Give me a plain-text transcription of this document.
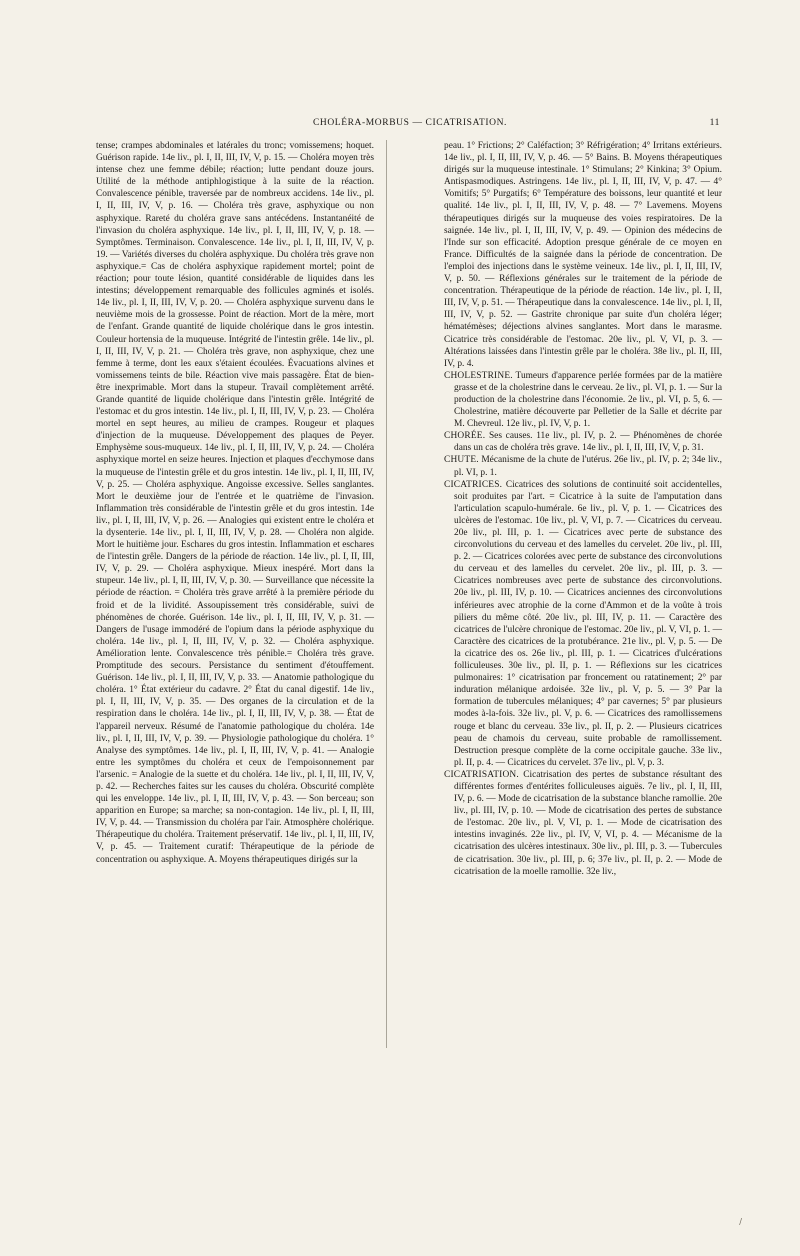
CHOLÉRA-MORBUS — CICATRISATION.	11

tense; crampes abdominales et latérales du tronc; vomissemens; hoquet. Guérison rapide. 14e liv., pl. I, II, III, IV, V, p. 15. — Choléra moyen très intense chez une femme débile; réaction; lutte pendant douze jours. Utilité de la méthode antiphlogistique à la suite de la réaction. Convalescence pénible, traversée par de nombreux accidens. 14e liv., pl. I, II, III, IV, V, p. 16. — Choléra très grave, asphyxique ou non asphyxique. Rareté du choléra grave sans antécédens. Instantanéité de l'invasion du choléra asphyxique. 14e liv., pl. I, II, III, IV, V, p. 18. — Symptômes. Terminaison. Convalescence. 14e liv., pl. I, II, III, IV, V, p. 19. — Variétés diverses du choléra asphyxique. Du choléra très grave non asphyxique.= Cas de choléra asphyxique rapidement mortel; point de réaction; pour toute lésion, quantité considérable de liquides dans les intestins; développement remarquable des follicules agminés et isolés. 14e liv., pl. I, II, III, IV, V, p. 20. — Choléra asphyxique survenu dans le neuvième mois de la grossesse. Point de réaction. Mort de la mère, mort de l'enfant. Grande quantité de liquide cholérique dans le gros intestin. Couleur hortensia de la muqueuse. Intégrité de l'intestin grêle. 14e liv., pl. I, II, III, IV, V, p. 21. — Choléra très grave, non asphyxique, chez une femme à terme, dont les eaux s'étaient écoulées. Évacuations alvines et vomissemens teints de bile. Réaction vive mais passagère. État de bien-être inexprimable. Mort dans la stupeur. Travail complètement arrêté. Grande quantité de liquide cholérique dans l'intestin grêle. Intégrité de l'estomac et du gros intestin. 14e liv., pl. I, II, III, IV, V, p. 23. — Choléra mortel en sept heures, au milieu de crampes. Rougeur et plaques d'injection de la muqueuse. Développement des plaques de Peyer. Emphysème sous-muqueux. 14e liv., pl. I, II, III, IV, V, p. 24. — Choléra asphyxique mortel en seize heures. Injection et plaques d'ecchymose dans la muqueuse de l'intestin grêle et du gros intestin. 14e liv., pl. I, II, III, IV, V, p. 25. — Choléra asphyxique. Angoisse excessive. Selles sanglantes. Mort le deuxième jour de l'entrée et le quatrième de l'invasion. Inflammation très considérable de l'intestin grêle et du gros intestin. 14e liv., pl. I, II, III, IV, V, p. 26. — Analogies qui existent entre le choléra et la dysenterie. 14e liv., pl. I, II, III, IV, V, p. 28. — Choléra non algide. Mort le huitième jour. Eschares du gros intestin. Inflammation et eschares de l'intestin grêle. Dangers de la période de réaction. 14e liv., pl. I, II, III, IV, V, p. 29. — Choléra asphyxique. Mieux inespéré. Mort dans la stupeur. 14e liv., pl. I, II, III, IV, V, p. 30. — Surveillance que nécessite la période de réaction. = Choléra très grave arrêté à la première période du froid et de la lividité. Assoupissement très considérable, suivi de phénomènes de chorée. Guérison. 14e liv., pl. I, II, III, IV, V, p. 31. — Dangers de l'usage immodéré de l'opium dans la période asphyxique du choléra. 14e liv., pl. I, II, III, IV, V, p. 32. — Choléra asphyxique. Amélioration lente. Convalescence très pénible.= Choléra très grave. Promptitude des secours. Persistance du sentiment d'étouffement. Guérison. 14e liv., pl. I, II, III, IV, V, p. 33. — Anatomie pathologique du choléra. 1° État extérieur du cadavre. 2° État du canal digestif. 14e liv., pl. I, II, III, IV, V, p. 35. — Des organes de la circulation et de la respiration dans le choléra. 14e liv., pl. I, II, III, IV, V, p. 38. — État de l'appareil nerveux. Résumé de l'anatomie pathologique du choléra. 14e liv., pl. I, II, III, IV, V, p. 39. — Physiologie pathologique du choléra. 1° Analyse des symptômes. 14e liv., pl. I, II, III, IV, V, p. 41. — Analogie entre les symptômes du choléra et ceux de l'empoisonnement par l'arsenic. = Analogie de la suette et du choléra. 14e liv., pl. I, II, III, IV, V, p. 42. — Recherches faites sur les causes du choléra. Obscurité complète qui les enveloppe. 14e liv., pl. I, II, III, IV, V, p. 43. — Son berceau; son apparition en Europe; sa marche; sa non-contagion. 14e liv., pl. I, II, III, IV, V, p. 44. — Transmission du choléra par l'air. Atmosphère cholérique. Thérapeutique du choléra. Traitement préservatif. 14e liv., pl. I, II, III, IV, V, p. 45. — Traitement curatif: Thérapeutique de la période de concentration ou asphyxique. A. Moyens thérapeutiques dirigés sur la

peau. 1° Frictions; 2° Caléfaction; 3° Réfrigération; 4° Irritans extérieurs. 14e liv., pl. I, II, III, IV, V, p. 46. — 5° Bains. B. Moyens thérapeutiques dirigés sur la muqueuse intestinale. 1° Stimulans; 2° Kinkina; 3° Opium. Antispasmodiques. Astringens. 14e liv., pl. I, II, III, IV, V, p. 47. — 4° Vomitifs; 5° Purgatifs; 6° Température des boissons, leur quantité et leur qualité. 14e liv., pl. I, II, III, IV, V, p. 48. — 7° Lavemens. Moyens thérapeutiques dirigés sur la muqueuse des voies respiratoires. De la saignée. 14e liv., pl. I, II, III, IV, V, p. 49. — Opinion des médecins de l'Inde sur son efficacité. Adoption presque générale de ce moyen en France. Difficultés de la saignée dans la période de concentration. De l'emploi des injections dans le système veineux. 14e liv., pl. I, II, III, IV, V, p. 50. — Réflexions générales sur le traitement de la période de concentration. Thérapeutique de la période de réaction. 14e liv., pl. I, II, III, IV, V, p. 51. — Thérapeutique dans la convalescence. 14e liv., pl. I, II, III, IV, V, p. 52. — Gastrite chronique par suite d'un choléra léger; hématémèses; déjections alvines sanglantes. Mort dans le marasme. Cicatrice très considérable de l'estomac. 20e liv., pl. V, VI, p. 3. — Altérations laissées dans l'intestin grêle par le choléra. 38e liv., pl. II, III, IV, p. 4.

CHOLESTRINE. Tumeurs d'apparence perlée formées par de la matière grasse et de la cholestrine dans le cerveau. 2e liv., pl. VI, p. 1. — Sur la production de la cholestrine dans l'économie. 2e liv., pl. VI, p. 5, 6. — Cholestrine, matière découverte par Pelletier de la Salle et décrite par M. Chevreul. 12e liv., pl. IV, V, p. 1.

CHORÉE. Ses causes. 11e liv., pl. IV, p. 2. — Phénomènes de chorée dans un cas de choléra très grave. 14e liv., pl. I, II, III, IV, V, p. 31.

CHUTE. Mécanisme de la chute de l'utérus. 26e liv., pl. IV, p. 2; 34e liv., pl. VI, p. 1.

CICATRICES. Cicatrices des solutions de continuité soit accidentelles, soit produites par l'art. = Cicatrice à la suite de l'amputation dans l'articulation scapulo-humérale. 6e liv., pl. V, p. 1. — Cicatrices des ulcères de l'estomac. 10e liv., pl. V, VI, p. 7. — Cicatrices du cerveau. 20e liv., pl. III, p. 1. — Cicatrices avec perte de substance des circonvolutions du cerveau et des lamelles du cervelet. 20e liv., pl. III, p. 2. — Cicatrices colorées avec perte de substance des circonvolutions du cerveau et des lamelles du cervelet. 20e liv., pl. III, p. 3. — Cicatrices nombreuses avec perte de substance des circonvolutions. 20e liv., pl. III, IV, p. 10. — Cicatrices anciennes des circonvolutions inférieures avec atrophie de la corne d'Ammon et de la voûte à trois piliers du même côté. 20e liv., pl. III, IV, p. 11. — Caractère des cicatrices de l'ulcère chronique de l'estomac. 20e liv., pl. V, VI, p. 1. — Caractère des cicatrices de la protubérance. 21e liv., pl. V, p. 5. — De la cicatrice des os. 26e liv., pl. III, p. 1. — Cicatrices d'ulcérations folliculeuses. 30e liv., pl. II, p. 1. — Réflexions sur les cicatrices pulmonaires: 1° cicatrisation par froncement ou ratatinement; 2° par induration mélanique ardoisée. 32e liv., pl. V, p. 5. — 3° Par la formation de tubercules mélaniques; 4° par cavernes; 5° par plusieurs modes à-la-fois. 32e liv., pl. V, p. 6. — Cicatrices des ramollissemens rouge et blanc du cerveau. 33e liv., pl. II, p. 2. — Plusieurs cicatrices peau de chamois du cerveau, suite probable de ramollissement. Destruction presque complète de la corne occipitale gauche. 33e liv., pl. II, p. 4. — Cicatrices du cervelet. 37e liv., pl. V, p. 3.

CICATRISATION. Cicatrisation des pertes de substance résultant des différentes formes d'entérites folliculeuses aiguës. 7e liv., pl. I, II, III, IV, p. 6. — Mode de cicatrisation de la substance blanche ramollie. 20e liv., pl. III, IV, p. 10. — Mode de cicatrisation des pertes de substance de l'estomac. 20e liv., pl. V, VI, p. 1. — Mode de cicatrisation des intestins invaginés. 22e liv., pl. IV, V, VI, p. 4. — Mécanisme de la cicatrisation des ulcères intestinaux. 30e liv., pl. III, p. 3. — Tubercules de cicatrisation. 30e liv., pl. III, p. 6; 37e liv., pl. II, p. 2. — Mode de cicatrisation de la moelle ramollie. 32e liv.,

/
